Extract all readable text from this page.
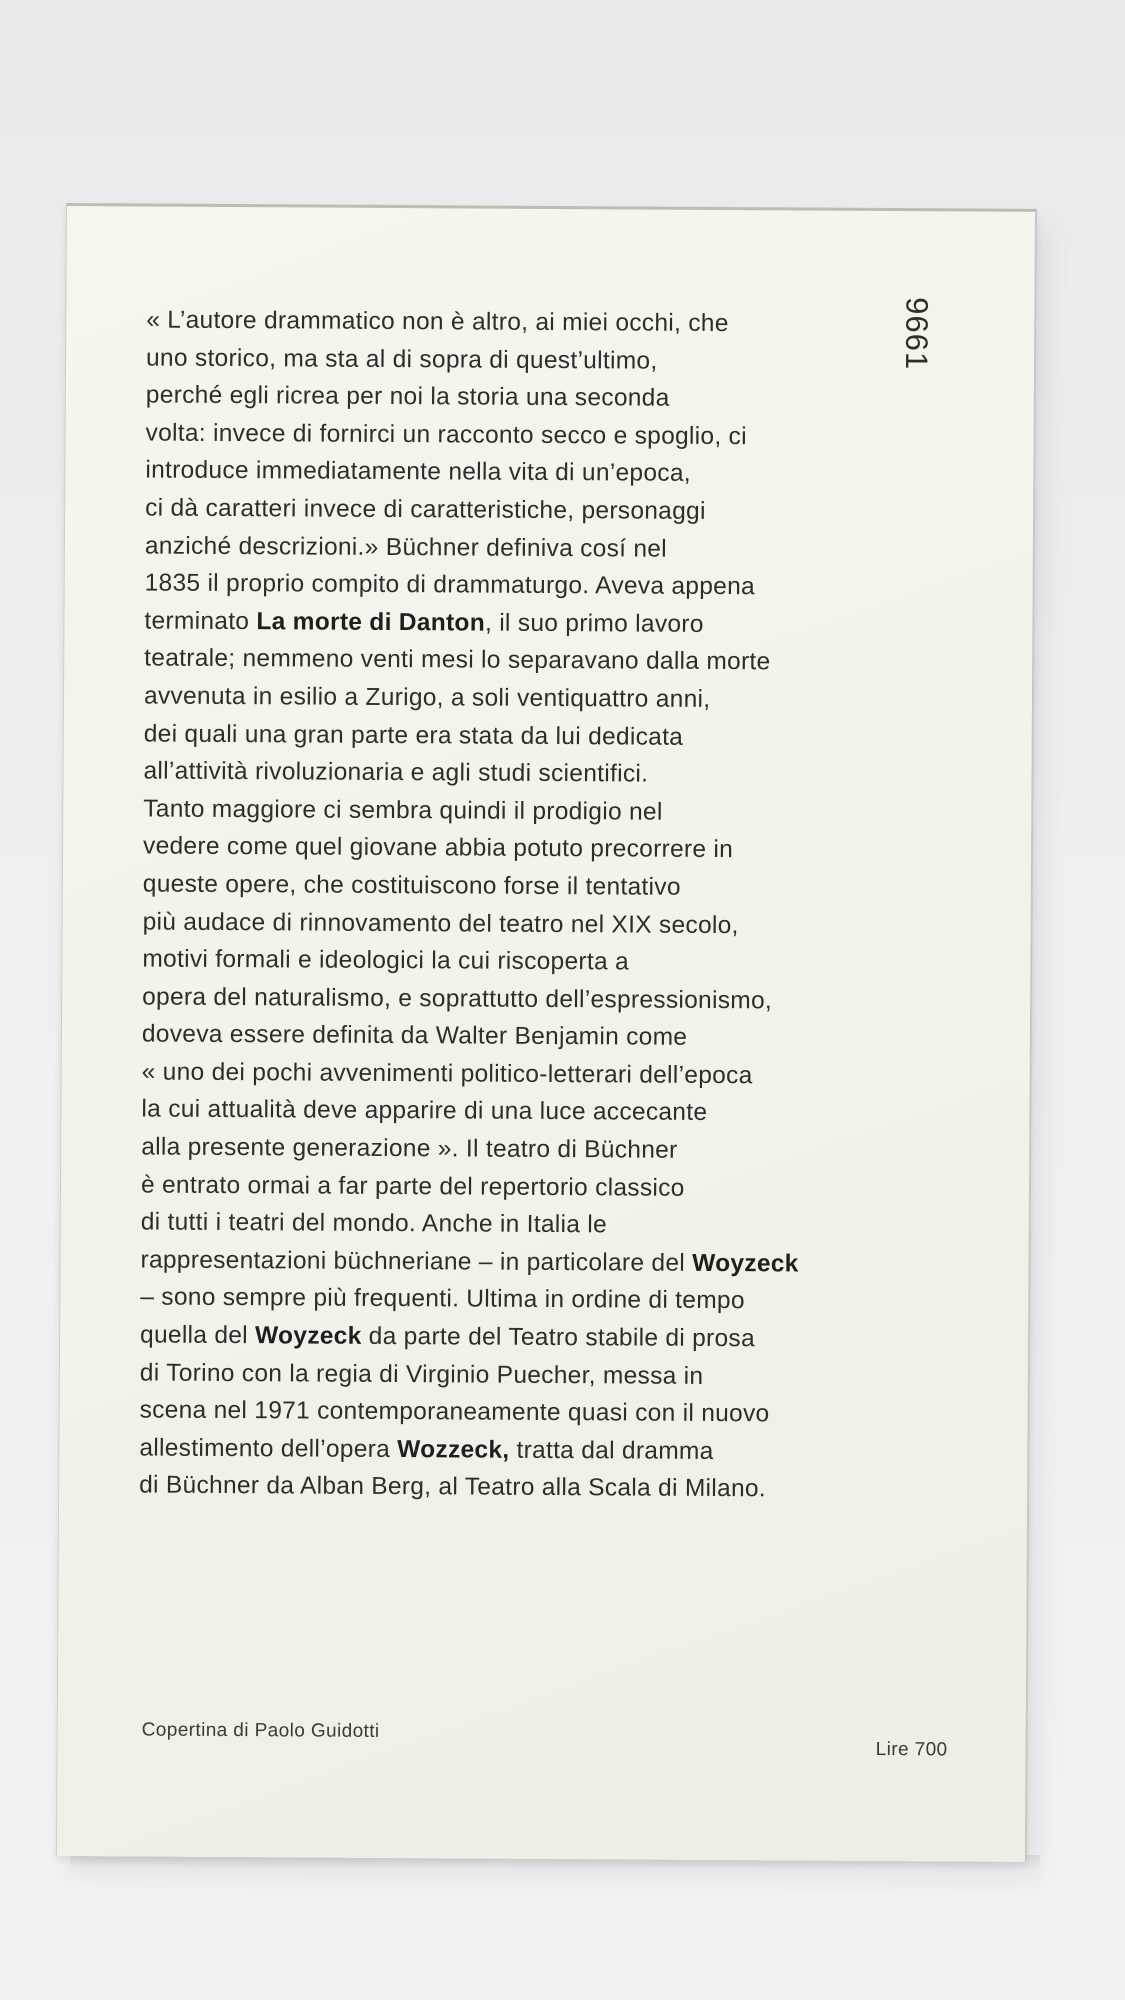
9661

« L’autore drammatico non è altro, ai miei occhi, che
uno storico, ma sta al di sopra di quest’ultimo,
perché egli ricrea per noi la storia una seconda
volta: invece di fornirci un racconto secco e spoglio, ci
introduce immediatamente nella vita di un’epoca,
ci dà caratteri invece di caratteristiche, personaggi
anziché descrizioni.» Büchner definiva cosí nel
1835 il proprio compito di drammaturgo. Aveva appena
terminato La morte di Danton, il suo primo lavoro
teatrale; nemmeno venti mesi lo separavano dalla morte
avvenuta in esilio a Zurigo, a soli ventiquattro anni,
dei quali una gran parte era stata da lui dedicata
all’attività rivoluzionaria e agli studi scientifici.
Tanto maggiore ci sembra quindi il prodigio nel
vedere come quel giovane abbia potuto precorrere in
queste opere, che costituiscono forse il tentativo
più audace di rinnovamento del teatro nel XIX secolo,
motivi formali e ideologici la cui riscoperta a
opera del naturalismo, e soprattutto dell’espressionismo,
doveva essere definita da Walter Benjamin come
« uno dei pochi avvenimenti politico-letterari dell’epoca
la cui attualità deve apparire di una luce accecante
alla presente generazione ». Il teatro di Büchner
è entrato ormai a far parte del repertorio classico
di tutti i teatri del mondo. Anche in Italia le
rappresentazioni büchneriane – in particolare del Woyzeck
– sono sempre più frequenti. Ultima in ordine di tempo
quella del Woyzeck da parte del Teatro stabile di prosa
di Torino con la regia di Virginio Puecher, messa in
scena nel 1971 contemporaneamente quasi con il nuovo
allestimento dell’opera Wozzeck, tratta dal dramma
di Büchner da Alban Berg, al Teatro alla Scala di Milano.

Copertina di Paolo Guidotti
Lire 700
